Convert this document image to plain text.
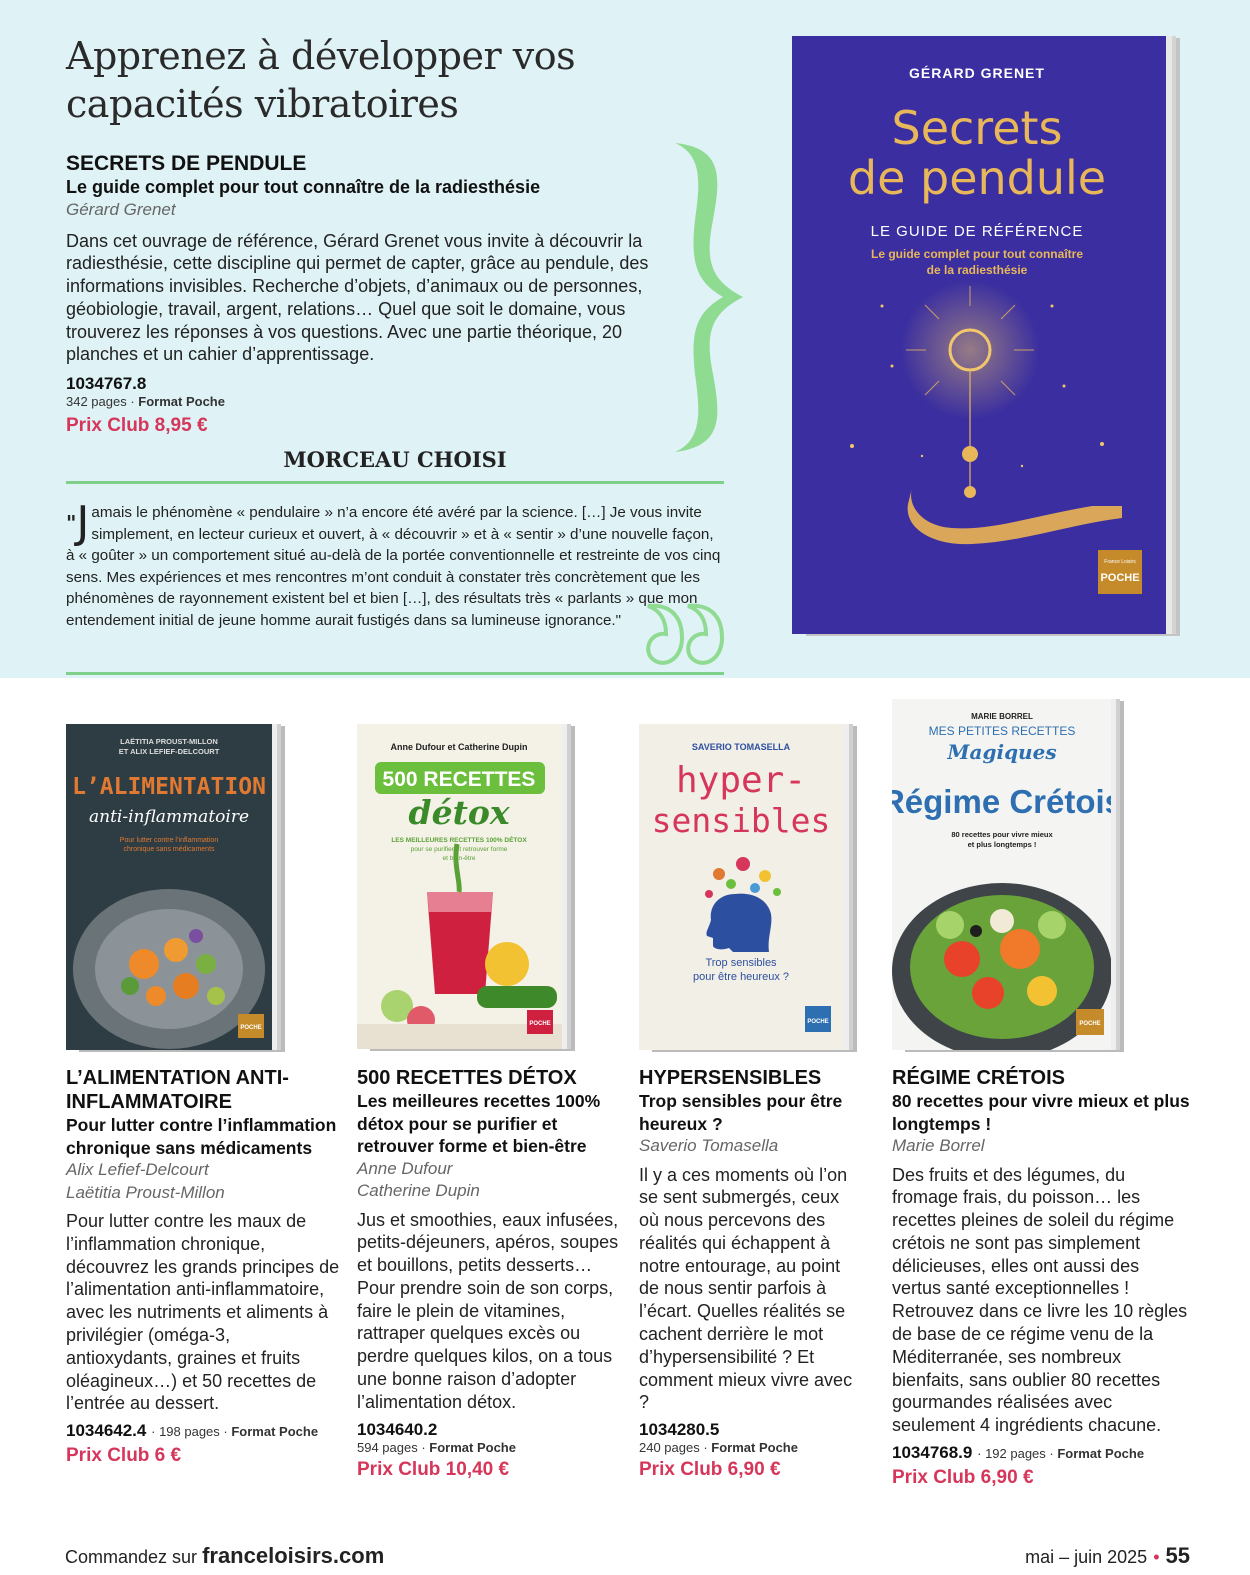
Apprenez à développer vos capacités vibratoires
SECRETS DE PENDULE
Le guide complet pour tout connaître de la radiesthésie
Gérard Grenet

Dans cet ouvrage de référence, Gérard Grenet vous invite à découvrir la radiesthésie, cette discipline qui permet de capter, grâce au pendule, des informations invisibles. Recherche d’objets, d’animaux ou de personnes, géobiologie, travail, argent, relations… Quel que soit le domaine, vous trouverez les réponses à vos questions. Avec une partie théorique, 20 planches et un cahier d’apprentissage.

1034767.8
342 pages · Format Poche
Prix Club 8,95 €
MORCEAU CHOISI
"J amais le phénomène « pendulaire » n’a encore été avéré par la science. […] Je vous invite simplement, en lecteur curieux et ouvert, à « découvrir » et à « sentir » d’une nouvelle façon, à « goûter » un comportement situé au-delà de la portée conventionnelle et restreinte de vos cinq sens. Mes expériences et mes rencontres m’ont conduit à constater très concrètement que les phénomènes de rayonnement existent bel et bien […], des résultats très « parlants » que mon entendement initial de jeune homme aurait fustigés dans sa lumineuse ignorance."
GÉRARD GRENET
Secrets
de pendule
LE GUIDE DE RÉFÉRENCE
Le guide complet pour tout connaître
de la radiesthésie
France Loisirs
POCHE
LAËTITIA PROUST-MILLON
ET ALIX LEFIEF-DELCOURT
L’ALIMENTATION
anti-inflammatoire
Pour lutter contre l’inflammation
chronique sans médicaments
POCHE
Anne Dufour et Catherine Dupin
500 RECETTES
détox
LES MEILLEURES RECETTES 100% DÉTOX
pour se purifier et retrouver forme
et bien-être
POCHE
SAVERIO TOMASELLA
hyper-
sensibles
Trop sensibles
pour être heureux ?
POCHE
MARIE BORREL
MES PETITES RECETTES
Magiques
Régime Crétois
80 recettes pour vivre mieux
et plus longtemps !
POCHE
L’ALIMENTATION ANTI-INFLAMMATOIRE
Pour lutter contre l’inflammation chronique sans médicaments
Alix Lefief-Delcourt
Laëtitia Proust-Millon

Pour lutter contre les maux de l’inflammation chronique, découvrez les grands principes de l’alimentation anti-inflammatoire, avec les nutriments et aliments à privilégier (oméga-3, antioxydants, graines et fruits oléagineux…) et 50 recettes de l’entrée au dessert.

1034642.4 · 198 pages · Format Poche
Prix Club 6 €
500 RECETTES DÉTOX
Les meilleures recettes 100% détox pour se purifier et retrouver forme et bien-être
Anne Dufour
Catherine Dupin

Jus et smoothies, eaux infusées, petits-déjeuners, apéros, soupes et bouillons, petits desserts… Pour prendre soin de son corps, faire le plein de vitamines, rattraper quelques excès ou perdre quelques kilos, on a tous une bonne raison d’adopter l’alimentation détox.

1034640.2
594 pages · Format Poche
Prix Club 10,40 €
HYPERSENSIBLES
Trop sensibles pour être heureux ?
Saverio Tomasella

Il y a ces moments où l’on se sent submergés, ceux où nous percevons des réalités qui échappent à notre entourage, au point de nous sentir parfois à l’écart. Quelles réalités se cachent derrière le mot d’hypersensibilité ? Et comment mieux vivre avec ?

1034280.5
240 pages · Format Poche
Prix Club 6,90 €
RÉGIME CRÉTOIS
80 recettes pour vivre mieux et plus longtemps !
Marie Borrel

Des fruits et des légumes, du fromage frais, du poisson… les recettes pleines de soleil du régime crétois ne sont pas simplement délicieuses, elles ont aussi des vertus santé exceptionnelles ! Retrouvez dans ce livre les 10 règles de base de ce régime venu de la Méditerranée, ses nombreux bienfaits, sans oublier 80 recettes gourmandes réalisées avec seulement 4 ingrédients chacune.

1034768.9 · 192 pages · Format Poche
Prix Club 6,90 €
Commandez sur franceloisirs.com	mai – juin 2025 • 55
